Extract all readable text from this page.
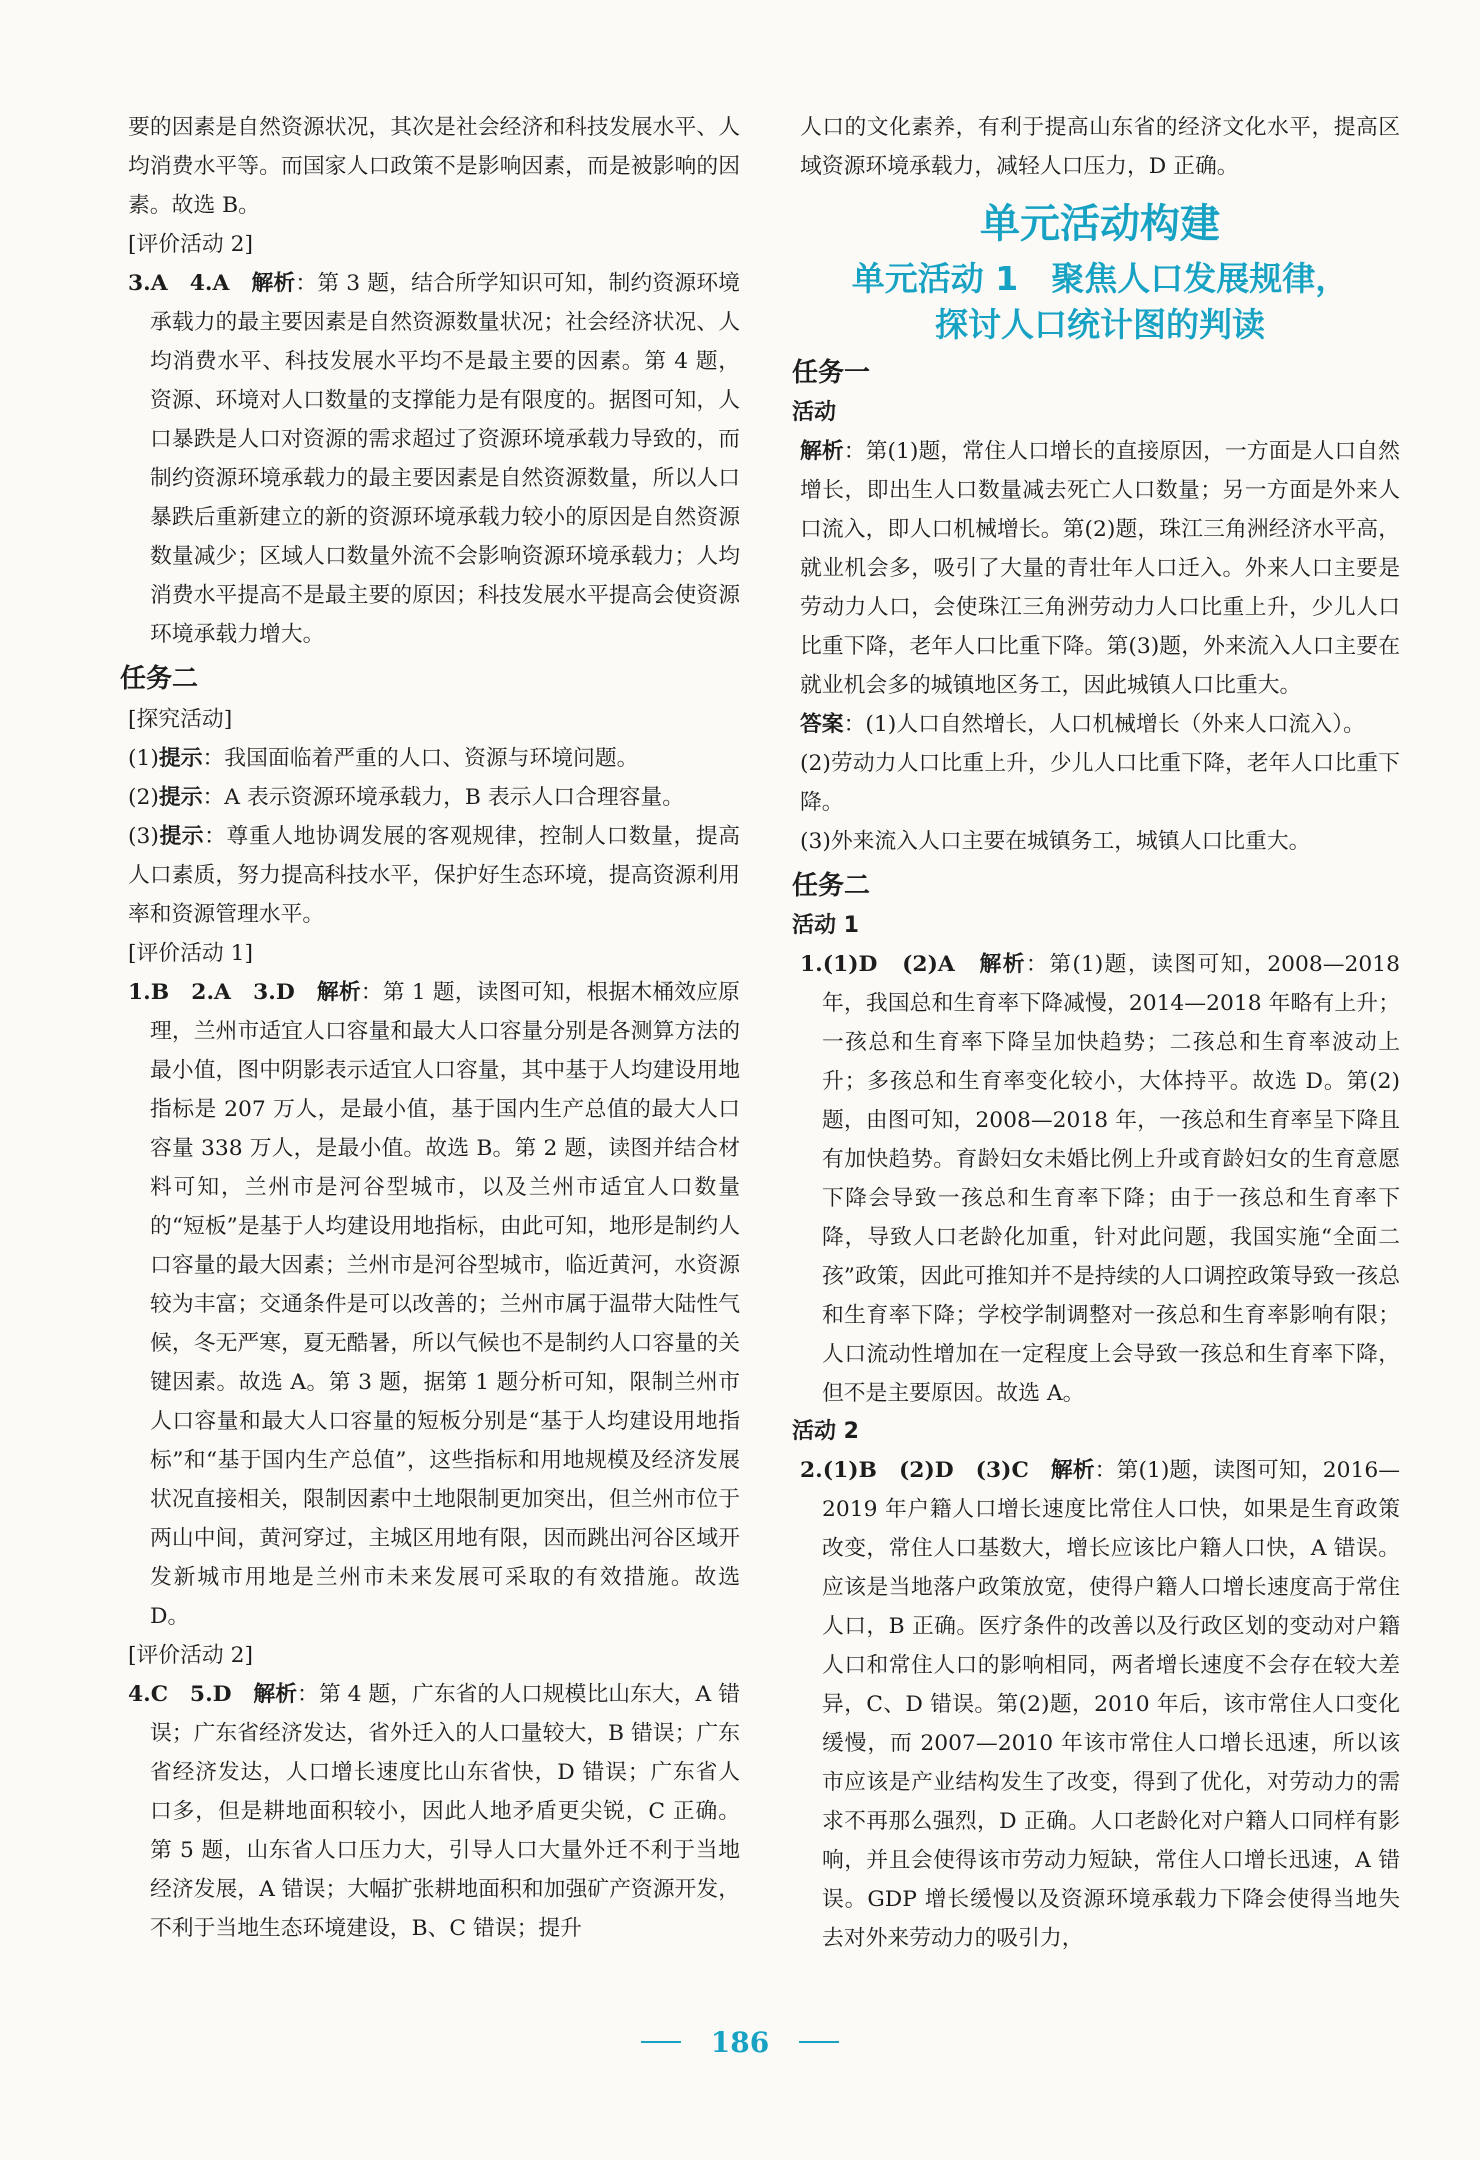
要的因素是自然资源状况，其次是社会经济和科技发展水平、人均消费水平等。而国家人口政策不是影响因素，而是被影响的因素。故选 B。

[评价活动 2]

3.A　4.A　解析：第 3 题，结合所学知识可知，制约资源环境承载力的最主要因素是自然资源数量状况；社会经济状况、人均消费水平、科技发展水平均不是最主要的因素。第 4 题，资源、环境对人口数量的支撑能力是有限度的。据图可知，人口暴跌是人口对资源的需求超过了资源环境承载力导致的，而制约资源环境承载力的最主要因素是自然资源数量，所以人口暴跌后重新建立的新的资源环境承载力较小的原因是自然资源数量减少；区域人口数量外流不会影响资源环境承载力；人均消费水平提高不是最主要的原因；科技发展水平提高会使资源环境承载力增大。

任务二

[探究活动]

(1)提示：我国面临着严重的人口、资源与环境问题。

(2)提示：A 表示资源环境承载力，B 表示人口合理容量。

(3)提示：尊重人地协调发展的客观规律，控制人口数量，提高人口素质，努力提高科技水平，保护好生态环境，提高资源利用率和资源管理水平。

[评价活动 1]

1.B　2.A　3.D　解析：第 1 题，读图可知，根据木桶效应原理，兰州市适宜人口容量和最大人口容量分别是各测算方法的最小值，图中阴影表示适宜人口容量，其中基于人均建设用地指标是 207 万人，是最小值，基于国内生产总值的最大人口容量 338 万人，是最小值。故选 B。第 2 题，读图并结合材料可知，兰州市是河谷型城市，以及兰州市适宜人口数量的“短板”是基于人均建设用地指标，由此可知，地形是制约人口容量的最大因素；兰州市是河谷型城市，临近黄河，水资源较为丰富；交通条件是可以改善的；兰州市属于温带大陆性气候，冬无严寒，夏无酷暑，所以气候也不是制约人口容量的关键因素。故选 A。第 3 题，据第 1 题分析可知，限制兰州市人口容量和最大人口容量的短板分别是“基于人均建设用地指标”和“基于国内生产总值”，这些指标和用地规模及经济发展状况直接相关，限制因素中土地限制更加突出，但兰州市位于两山中间，黄河穿过，主城区用地有限，因而跳出河谷区域开发新城市用地是兰州市未来发展可采取的有效措施。故选 D。

[评价活动 2]

4.C　5.D　解析：第 4 题，广东省的人口规模比山东大，A 错误；广东省经济发达，省外迁入的人口量较大，B 错误；广东省经济发达，人口增长速度比山东省快，D 错误；广东省人口多，但是耕地面积较小，因此人地矛盾更尖锐，C 正确。第 5 题，山东省人口压力大，引导人口大量外迁不利于当地经济发展，A 错误；大幅扩张耕地面积和加强矿产资源开发，不利于当地生态环境建设，B、C 错误；提升

人口的文化素养，有利于提高山东省的经济文化水平，提高区域资源环境承载力，减轻人口压力，D 正确。

单元活动构建
单元活动 1　聚焦人口发展规律，
探讨人口统计图的判读
任务一
活动

解析：第(1)题，常住人口增长的直接原因，一方面是人口自然增长，即出生人口数量减去死亡人口数量；另一方面是外来人口流入，即人口机械增长。第(2)题，珠江三角洲经济水平高，就业机会多，吸引了大量的青壮年人口迁入。外来人口主要是劳动力人口，会使珠江三角洲劳动力人口比重上升，少儿人口比重下降，老年人口比重下降。第(3)题，外来流入人口主要在就业机会多的城镇地区务工，因此城镇人口比重大。

答案：(1)人口自然增长，人口机械增长（外来人口流入）。

(2)劳动力人口比重上升，少儿人口比重下降，老年人口比重下降。

(3)外来流入人口主要在城镇务工，城镇人口比重大。

任务二
活动 1

1.(1)D　(2)A　解析：第(1)题，读图可知，2008—2018 年，我国总和生育率下降减慢，2014—2018 年略有上升；一孩总和生育率下降呈加快趋势；二孩总和生育率波动上升；多孩总和生育率变化较小，大体持平。故选 D。第(2)题，由图可知，2008—2018 年，一孩总和生育率呈下降且有加快趋势。育龄妇女未婚比例上升或育龄妇女的生育意愿下降会导致一孩总和生育率下降；由于一孩总和生育率下降，导致人口老龄化加重，针对此问题，我国实施“全面二孩”政策，因此可推知并不是持续的人口调控政策导致一孩总和生育率下降；学校学制调整对一孩总和生育率影响有限；人口流动性增加在一定程度上会导致一孩总和生育率下降，但不是主要原因。故选 A。

活动 2

2.(1)B　(2)D　(3)C　解析：第(1)题，读图可知，2016—2019 年户籍人口增长速度比常住人口快，如果是生育政策改变，常住人口基数大，增长应该比户籍人口快，A 错误。应该是当地落户政策放宽，使得户籍人口增长速度高于常住人口，B 正确。医疗条件的改善以及行政区划的变动对户籍人口和常住人口的影响相同，两者增长速度不会存在较大差异，C、D 错误。第(2)题，2010 年后，该市常住人口变化缓慢，而 2007—2010 年该市常住人口增长迅速，所以该市应该是产业结构发生了改变，得到了优化，对劳动力的需求不再那么强烈，D 正确。人口老龄化对户籍人口同样有影响，并且会使得该市劳动力短缺，常住人口增长迅速，A 错误。GDP 增长缓慢以及资源环境承载力下降会使得当地失去对外来劳动力的吸引力，

186
